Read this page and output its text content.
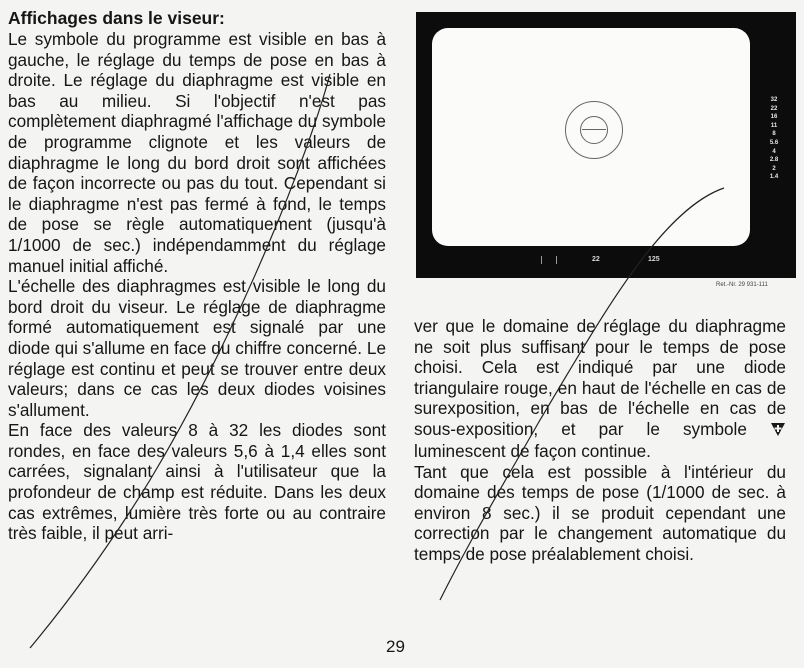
Affichages dans le viseur:

Le symbole du programme est visible en bas à gauche, le réglage du temps de pose en bas à droite. Le réglage du diaphragme est visible en bas au milieu. Si l'objectif n'est pas complètement diaphragmé l'affichage du symbole de programme clignote et les valeurs de diaphragme le long du bord droit sont affichées de façon incorrecte ou pas du tout. Cependant si le diaphragme n'est pas fermé à fond, le temps de pose se règle automatiquement (jusqu'à 1/1000 de sec.) indépendamment du réglage manuel initial affiché.

L'échelle des diaphragmes est visible le long du bord droit du viseur. Le réglage de diaphragme formé automatiquement est signalé par une diode qui s'allume en face du chiffre concerné. Le réglage est continu et peut se trouver entre deux valeurs; dans ce cas les deux diodes voisines s'allument.

En face des valeurs 8 à 32 les diodes sont rondes, en face des valeurs 5,6 à 1,4 elles sont carrées, signalant ainsi à l'utilisateur que la profondeur de champ est réduite. Dans les deux cas extrêmes, lumière très forte ou au contraire très faible, il peut arri-

32
22
16
11
8
5.6
4
2.8
2
1.4
22	125
Ret.-Nr. 29 931-111

ver que le domaine de réglage du diaphragme ne soit plus suffisant pour le temps de pose choisi. Cela est indiqué par une diode triangulaire rouge, en haut de l'échelle en cas de surexposition, en bas de l'échelle en cas de sous-exposition, et par le symbole  luminescent de façon continue.

Tant que cela est possible à l'intérieur du domaine des temps de pose (1/1000 de sec. à environ 8 sec.) il se produit cependant une correction par le changement automatique du temps de pose préalablement choisi.

29
